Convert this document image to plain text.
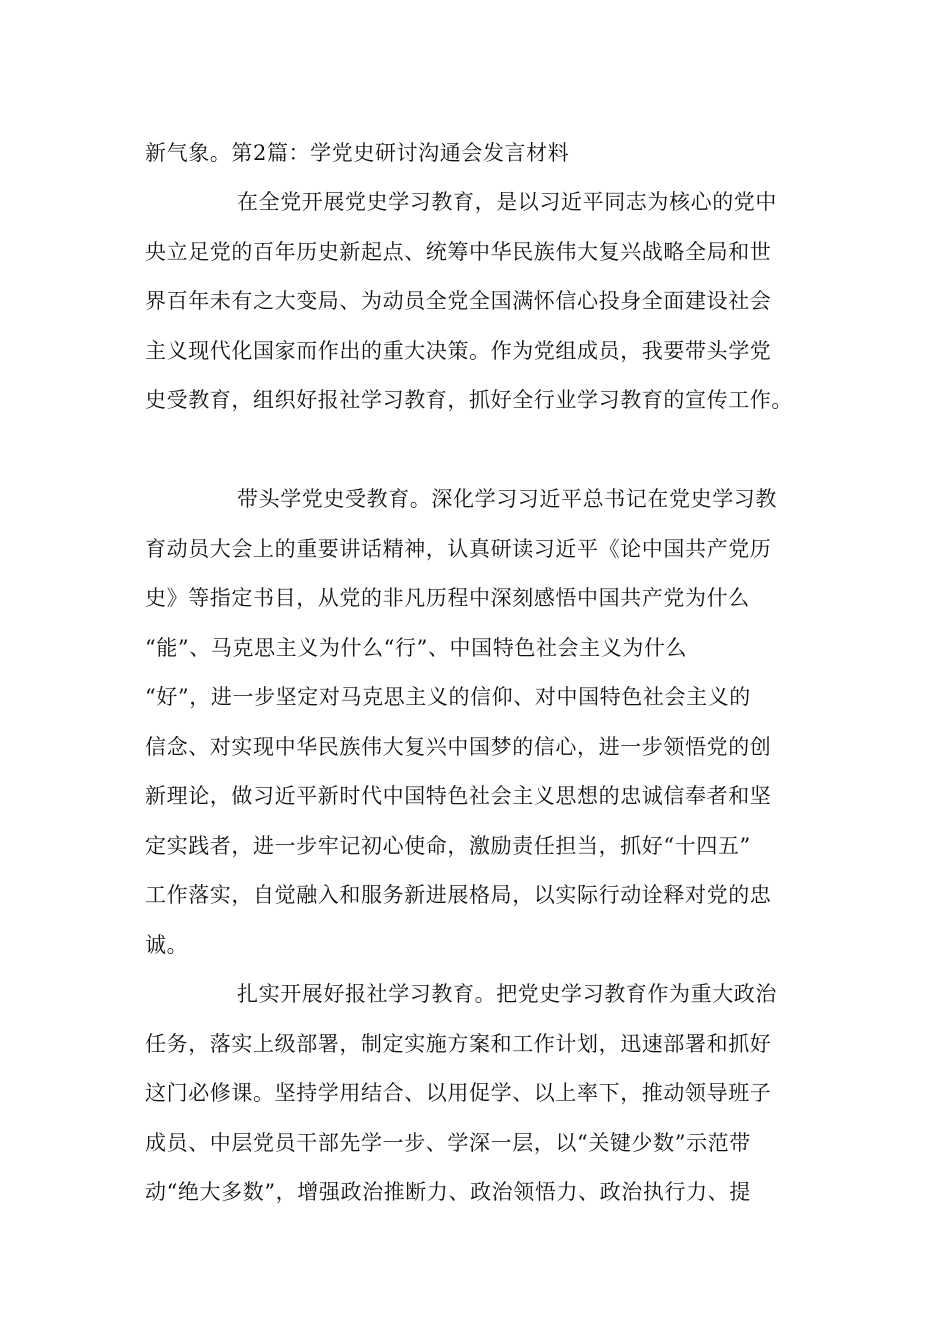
新气象。第2篇：学党史研讨沟通会发言材料
在全党开展党史学习教育，是以习近平同志为核心的党中
央立足党的百年历史新起点、统筹中华民族伟大复兴战略全局和世
界百年未有之大变局、为动员全党全国满怀信心投身全面建设社会
主义现代化国家而作出的重大决策。作为党组成员，我要带头学党
史受教育，组织好报社学习教育，抓好全行业学习教育的宣传工作。
带头学党史受教育。深化学习习近平总书记在党史学习教
育动员大会上的重要讲话精神，认真研读习近平《论中国共产党历
史》等指定书目，从党的非凡历程中深刻感悟中国共产党为什么
“能”、马克思主义为什么“行”、中国特色社会主义为什么
“好”，进一步坚定对马克思主义的信仰、对中国特色社会主义的
信念、对实现中华民族伟大复兴中国梦的信心，进一步领悟党的创
新理论，做习近平新时代中国特色社会主义思想的忠诚信奉者和坚
定实践者，进一步牢记初心使命，激励责任担当，抓好“十四五”
工作落实，自觉融入和服务新进展格局，以实际行动诠释对党的忠
诚。
扎实开展好报社学习教育。把党史学习教育作为重大政治
任务，落实上级部署，制定实施方案和工作计划，迅速部署和抓好
这门必修课。坚持学用结合、以用促学、以上率下，推动领导班子
成员、中层党员干部先学一步、学深一层，以“关键少数”示范带
动“绝大多数”，增强政治推断力、政治领悟力、政治执行力、提
